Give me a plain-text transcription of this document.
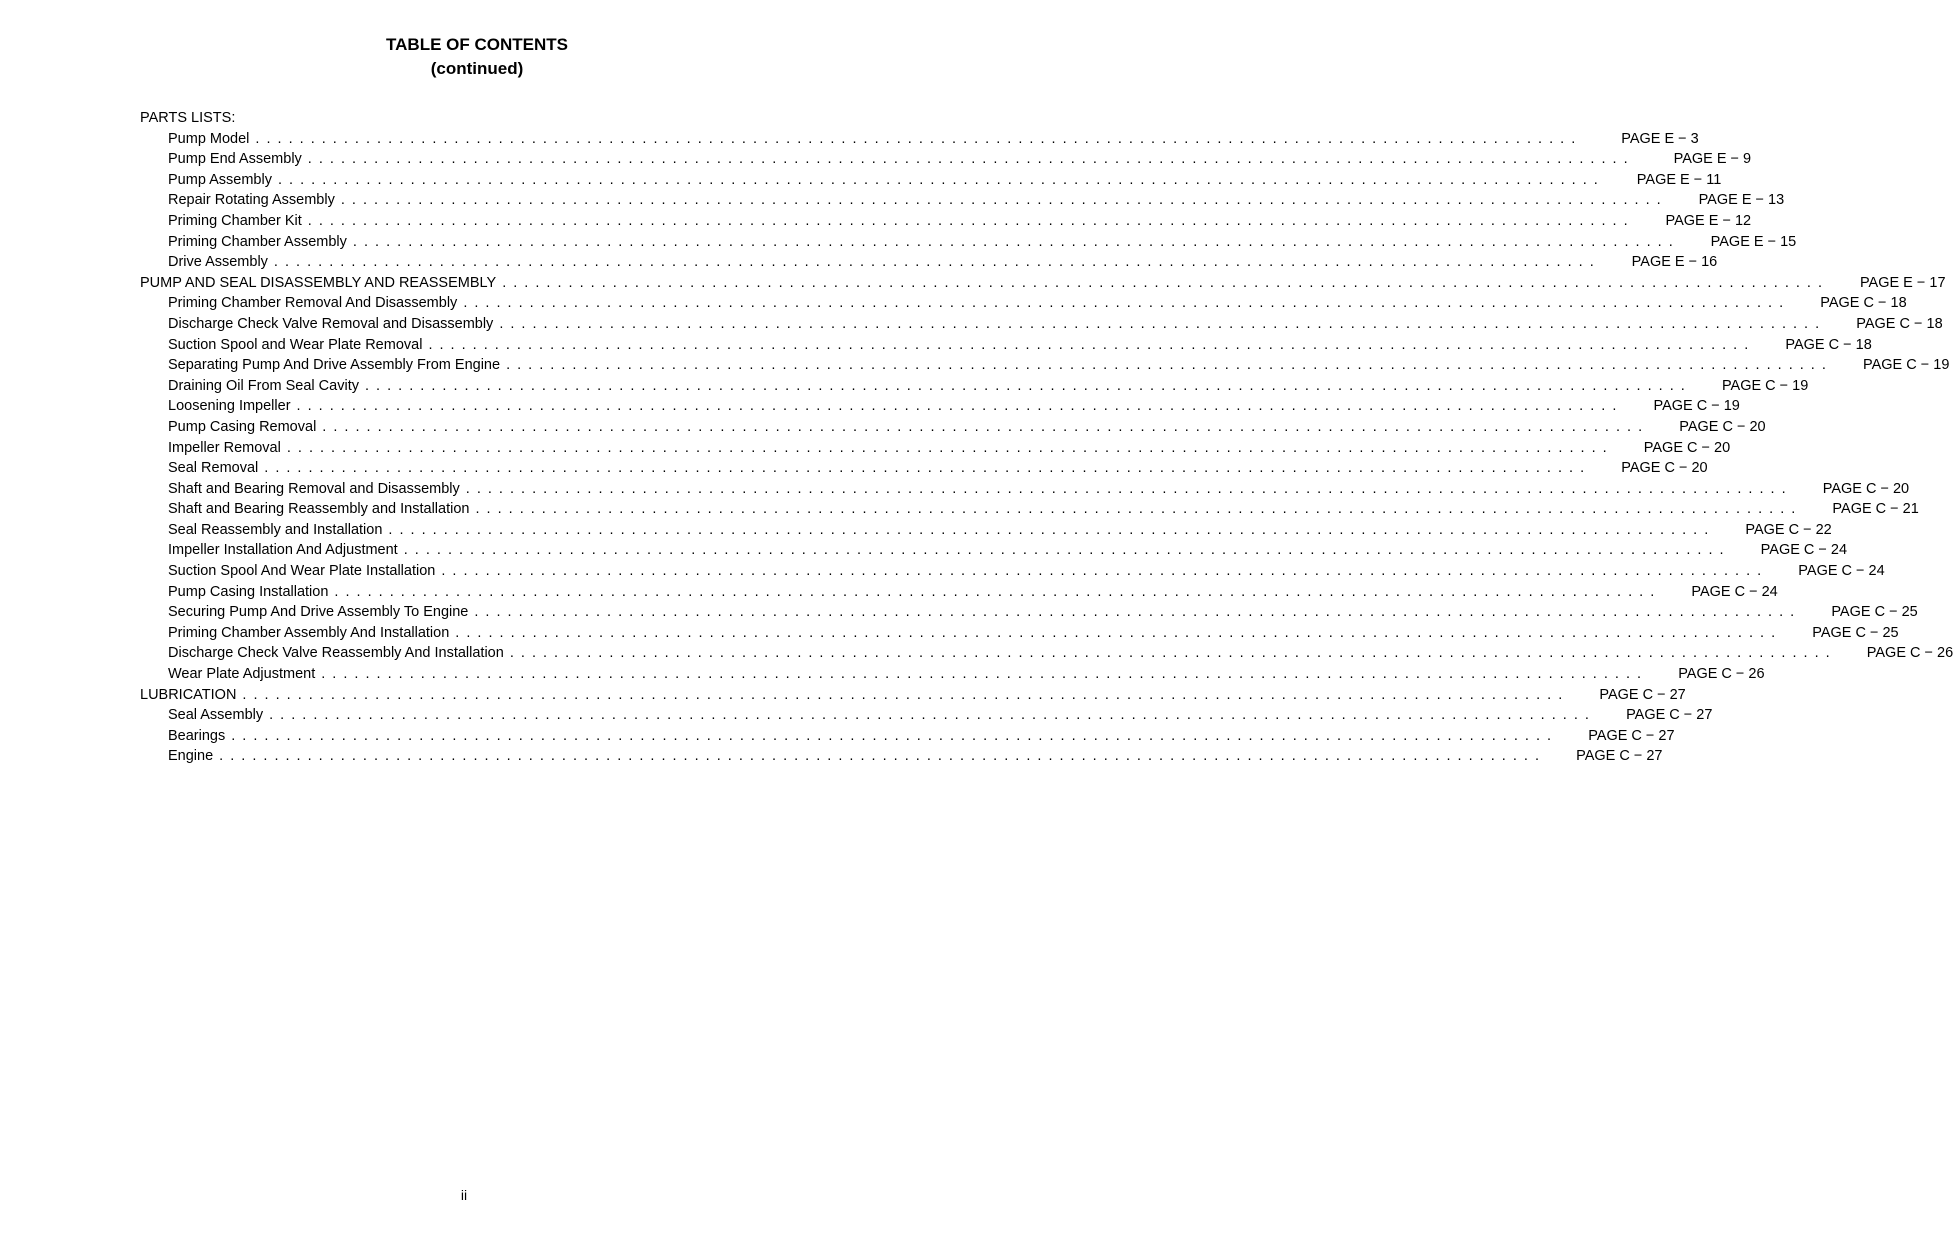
TABLE OF CONTENTS
(continued)
PARTS LISTS:
Pump Model . . . . . . . . . . . . . . . . . . . . . . . . . . . . . . . . . . . . . . . . . . . . . . . . . . . . . . . . . . . . . . . . . . . . . . . . . . . . . . . . . . . . . . . . . . . . . . . . . . . . . . . . . . . . . . . . . . . . . . . .	PAGE E − 3
Pump End Assembly . . . . . . . . . . . . . . . . . . . . . . . . . . . . . . . . . . . . . . . . . . . . . . . . . . . . . . . . . . . . . . . . . . . . . . . . . . . . . . . . . . . . . . . . . . . . . . . . . . . . . . . . . . . . . . . . . . . . . . . .	PAGE E − 9
Pump Assembly . . . . . . . . . . . . . . . . . . . . . . . . . . . . . . . . . . . . . . . . . . . . . . . . . . . . . . . . . . . . . . . . . . . . . . . . . . . . . . . . . . . . . . . . . . . . . . . . . . . . . . . . . . . . . . . . . . . . . . . .	PAGE E − 11
Repair Rotating Assembly . . . . . . . . . . . . . . . . . . . . . . . . . . . . . . . . . . . . . . . . . . . . . . . . . . . . . . . . . . . . . . . . . . . . . . . . . . . . . . . . . . . . . . . . . . . . . . . . . . . . . . . . . . . . . . . . . . . . . . . .	PAGE E − 13
Priming Chamber Kit . . . . . . . . . . . . . . . . . . . . . . . . . . . . . . . . . . . . . . . . . . . . . . . . . . . . . . . . . . . . . . . . . . . . . . . . . . . . . . . . . . . . . . . . . . . . . . . . . . . . . . . . . . . . . . . . . . . . . . . .	PAGE E − 12
Priming Chamber Assembly . . . . . . . . . . . . . . . . . . . . . . . . . . . . . . . . . . . . . . . . . . . . . . . . . . . . . . . . . . . . . . . . . . . . . . . . . . . . . . . . . . . . . . . . . . . . . . . . . . . . . . . . . . . . . . . . . . . . . . . .	PAGE E − 15
Drive Assembly . . . . . . . . . . . . . . . . . . . . . . . . . . . . . . . . . . . . . . . . . . . . . . . . . . . . . . . . . . . . . . . . . . . . . . . . . . . . . . . . . . . . . . . . . . . . . . . . . . . . . . . . . . . . . . . . . . . . . . . .	PAGE E − 16
PUMP AND SEAL DISASSEMBLY AND REASSEMBLY . . . . . . . . . . . . . . . . . . . . . . . . . . . . . . . . . . . . . . . . . . . . . . . . . . . . . . . . . . . . . . . . . . . . . . . . . . . . . . . . . . . . . . . . . . . . . . . . . . . . . . . . . . . . . . . . . . . . . . . .	PAGE E − 17
Priming Chamber Removal And Disassembly . . . . . . . . . . . . . . . . . . . . . . . . . . . . . . . . . . . . . . . . . . . . . . . . . . . . . . . . . . . . . . . . . . . . . . . . . . . . . . . . . . . . . . . . . . . . . . . . . . . . . . . . . . . . . . . . . . . . . . . .	PAGE C − 18
Discharge Check Valve Removal and Disassembly . . . . . . . . . . . . . . . . . . . . . . . . . . . . . . . . . . . . . . . . . . . . . . . . . . . . . . . . . . . . . . . . . . . . . . . . . . . . . . . . . . . . . . . . . . . . . . . . . . . . . . . . . . . . . . . . . . . . . . . .	PAGE C − 18
Suction Spool and Wear Plate Removal . . . . . . . . . . . . . . . . . . . . . . . . . . . . . . . . . . . . . . . . . . . . . . . . . . . . . . . . . . . . . . . . . . . . . . . . . . . . . . . . . . . . . . . . . . . . . . . . . . . . . . . . . . . . . . . . . . . . . . . .	PAGE C − 18
Separating Pump And Drive Assembly From Engine . . . . . . . . . . . . . . . . . . . . . . . . . . . . . . . . . . . . . . . . . . . . . . . . . . . . . . . . . . . . . . . . . . . . . . . . . . . . . . . . . . . . . . . . . . . . . . . . . . . . . . . . . . . . . . . . . . . . . . . .	PAGE C − 19
Draining Oil From Seal Cavity . . . . . . . . . . . . . . . . . . . . . . . . . . . . . . . . . . . . . . . . . . . . . . . . . . . . . . . . . . . . . . . . . . . . . . . . . . . . . . . . . . . . . . . . . . . . . . . . . . . . . . . . . . . . . . . . . . . . . . . .	PAGE C − 19
Loosening Impeller . . . . . . . . . . . . . . . . . . . . . . . . . . . . . . . . . . . . . . . . . . . . . . . . . . . . . . . . . . . . . . . . . . . . . . . . . . . . . . . . . . . . . . . . . . . . . . . . . . . . . . . . . . . . . . . . . . . . . . . .	PAGE C − 19
Pump Casing Removal . . . . . . . . . . . . . . . . . . . . . . . . . . . . . . . . . . . . . . . . . . . . . . . . . . . . . . . . . . . . . . . . . . . . . . . . . . . . . . . . . . . . . . . . . . . . . . . . . . . . . . . . . . . . . . . . . . . . . . . .	PAGE C − 20
Impeller Removal . . . . . . . . . . . . . . . . . . . . . . . . . . . . . . . . . . . . . . . . . . . . . . . . . . . . . . . . . . . . . . . . . . . . . . . . . . . . . . . . . . . . . . . . . . . . . . . . . . . . . . . . . . . . . . . . . . . . . . . .	PAGE C − 20
Seal Removal . . . . . . . . . . . . . . . . . . . . . . . . . . . . . . . . . . . . . . . . . . . . . . . . . . . . . . . . . . . . . . . . . . . . . . . . . . . . . . . . . . . . . . . . . . . . . . . . . . . . . . . . . . . . . . . . . . . . . . . .	PAGE C − 20
Shaft and Bearing Removal and Disassembly . . . . . . . . . . . . . . . . . . . . . . . . . . . . . . . . . . . . . . . . . . . . . . . . . . . . . . . . . . . . . . . . . . . . . . . . . . . . . . . . . . . . . . . . . . . . . . . . . . . . . . . . . . . . . . . . . . . . . . . .	PAGE C − 20
Shaft and Bearing Reassembly and Installation . . . . . . . . . . . . . . . . . . . . . . . . . . . . . . . . . . . . . . . . . . . . . . . . . . . . . . . . . . . . . . . . . . . . . . . . . . . . . . . . . . . . . . . . . . . . . . . . . . . . . . . . . . . . . . . . . . . . . . . .	PAGE C − 21
Seal Reassembly and Installation . . . . . . . . . . . . . . . . . . . . . . . . . . . . . . . . . . . . . . . . . . . . . . . . . . . . . . . . . . . . . . . . . . . . . . . . . . . . . . . . . . . . . . . . . . . . . . . . . . . . . . . . . . . . . . . . . . . . . . . .	PAGE C − 22
Impeller Installation And Adjustment . . . . . . . . . . . . . . . . . . . . . . . . . . . . . . . . . . . . . . . . . . . . . . . . . . . . . . . . . . . . . . . . . . . . . . . . . . . . . . . . . . . . . . . . . . . . . . . . . . . . . . . . . . . . . . . . . . . . . . . .	PAGE C − 24
Suction Spool And Wear Plate Installation . . . . . . . . . . . . . . . . . . . . . . . . . . . . . . . . . . . . . . . . . . . . . . . . . . . . . . . . . . . . . . . . . . . . . . . . . . . . . . . . . . . . . . . . . . . . . . . . . . . . . . . . . . . . . . . . . . . . . . . .	PAGE C − 24
Pump Casing Installation . . . . . . . . . . . . . . . . . . . . . . . . . . . . . . . . . . . . . . . . . . . . . . . . . . . . . . . . . . . . . . . . . . . . . . . . . . . . . . . . . . . . . . . . . . . . . . . . . . . . . . . . . . . . . . . . . . . . . . . .	PAGE C − 24
Securing Pump And Drive Assembly To Engine . . . . . . . . . . . . . . . . . . . . . . . . . . . . . . . . . . . . . . . . . . . . . . . . . . . . . . . . . . . . . . . . . . . . . . . . . . . . . . . . . . . . . . . . . . . . . . . . . . . . . . . . . . . . . . . . . . . . . . . .	PAGE C − 25
Priming Chamber Assembly And Installation . . . . . . . . . . . . . . . . . . . . . . . . . . . . . . . . . . . . . . . . . . . . . . . . . . . . . . . . . . . . . . . . . . . . . . . . . . . . . . . . . . . . . . . . . . . . . . . . . . . . . . . . . . . . . . . . . . . . . . . .	PAGE C − 25
Discharge Check Valve Reassembly And Installation . . . . . . . . . . . . . . . . . . . . . . . . . . . . . . . . . . . . . . . . . . . . . . . . . . . . . . . . . . . . . . . . . . . . . . . . . . . . . . . . . . . . . . . . . . . . . . . . . . . . . . . . . . . . . . . . . . . . . . . .	PAGE C − 26
Wear Plate Adjustment . . . . . . . . . . . . . . . . . . . . . . . . . . . . . . . . . . . . . . . . . . . . . . . . . . . . . . . . . . . . . . . . . . . . . . . . . . . . . . . . . . . . . . . . . . . . . . . . . . . . . . . . . . . . . . . . . . . . . . . .	PAGE C − 26
LUBRICATION . . . . . . . . . . . . . . . . . . . . . . . . . . . . . . . . . . . . . . . . . . . . . . . . . . . . . . . . . . . . . . . . . . . . . . . . . . . . . . . . . . . . . . . . . . . . . . . . . . . . . . . . . . . . . . . . . . . . . . . .	PAGE C − 27
Seal Assembly . . . . . . . . . . . . . . . . . . . . . . . . . . . . . . . . . . . . . . . . . . . . . . . . . . . . . . . . . . . . . . . . . . . . . . . . . . . . . . . . . . . . . . . . . . . . . . . . . . . . . . . . . . . . . . . . . . . . . . . .	PAGE C − 27
Bearings . . . . . . . . . . . . . . . . . . . . . . . . . . . . . . . . . . . . . . . . . . . . . . . . . . . . . . . . . . . . . . . . . . . . . . . . . . . . . . . . . . . . . . . . . . . . . . . . . . . . . . . . . . . . . . . . . . . . . . . .	PAGE C − 27
Engine . . . . . . . . . . . . . . . . . . . . . . . . . . . . . . . . . . . . . . . . . . . . . . . . . . . . . . . . . . . . . . . . . . . . . . . . . . . . . . . . . . . . . . . . . . . . . . . . . . . . . . . . . . . . . . . . . . . . . . . .	PAGE C − 27
ii
